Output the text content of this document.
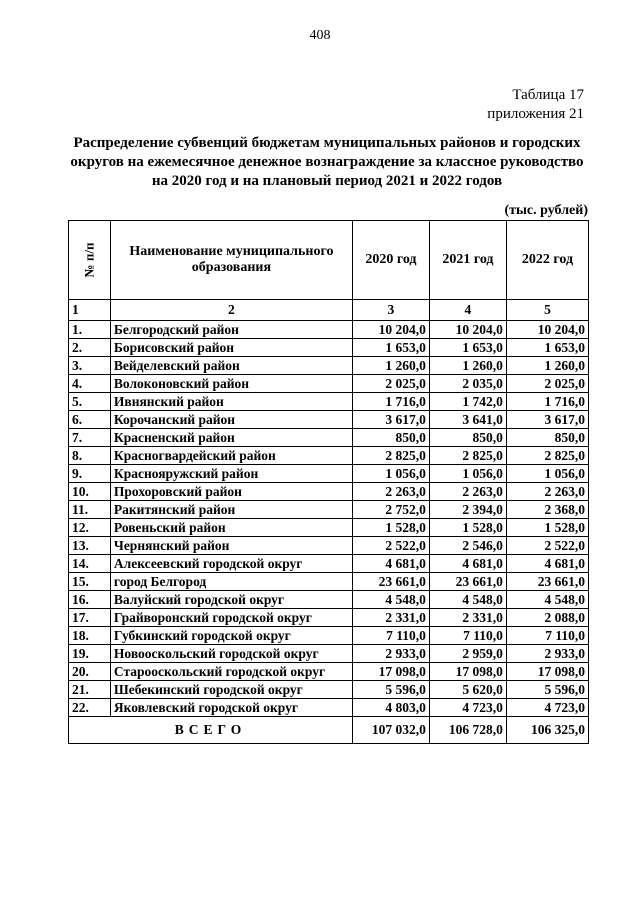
408
Таблица 17
приложения 21
Распределение субвенций бюджетам муниципальных районов и городских
округов на ежемесячное денежное вознаграждение за классное руководство
на 2020 год и на плановый период 2021 и 2022 годов
(тыс. рублей)
№ п/п	Наименование муниципального образования	2020 год	2021 год	2022 год
1	2	3	4	5
1.	Белгородский район	10 204,0	10 204,0	10 204,0
2.	Борисовский район	1 653,0	1 653,0	1 653,0
3.	Вейделевский район	1 260,0	1 260,0	1 260,0
4.	Волоконовский район	2 025,0	2 035,0	2 025,0
5.	Ивнянский район	1 716,0	1 742,0	1 716,0
6.	Корочанский район	3 617,0	3 641,0	3 617,0
7.	Красненский район	850,0	850,0	850,0
8.	Красногвардейский район	2 825,0	2 825,0	2 825,0
9.	Краснояружский район	1 056,0	1 056,0	1 056,0
10.	Прохоровский район	2 263,0	2 263,0	2 263,0
11.	Ракитянский район	2 752,0	2 394,0	2 368,0
12.	Ровеньский район	1 528,0	1 528,0	1 528,0
13.	Чернянский район	2 522,0	2 546,0	2 522,0
14.	Алексеевский городской округ	4 681,0	4 681,0	4 681,0
15.	город Белгород	23 661,0	23 661,0	23 661,0
16.	Валуйский городской округ	4 548,0	4 548,0	4 548,0
17.	Грайворонский городской округ	2 331,0	2 331,0	2 088,0
18.	Губкинский городской округ	7 110,0	7 110,0	7 110,0
19.	Новооскольский городской округ	2 933,0	2 959,0	2 933,0
20.	Старооскольский городской округ	17 098,0	17 098,0	17 098,0
21.	Шебекинский городской округ	5 596,0	5 620,0	5 596,0
22.	Яковлевский городской округ	4 803,0	4 723,0	4 723,0
ВСЕГО		107 032,0	106 728,0	106 325,0
